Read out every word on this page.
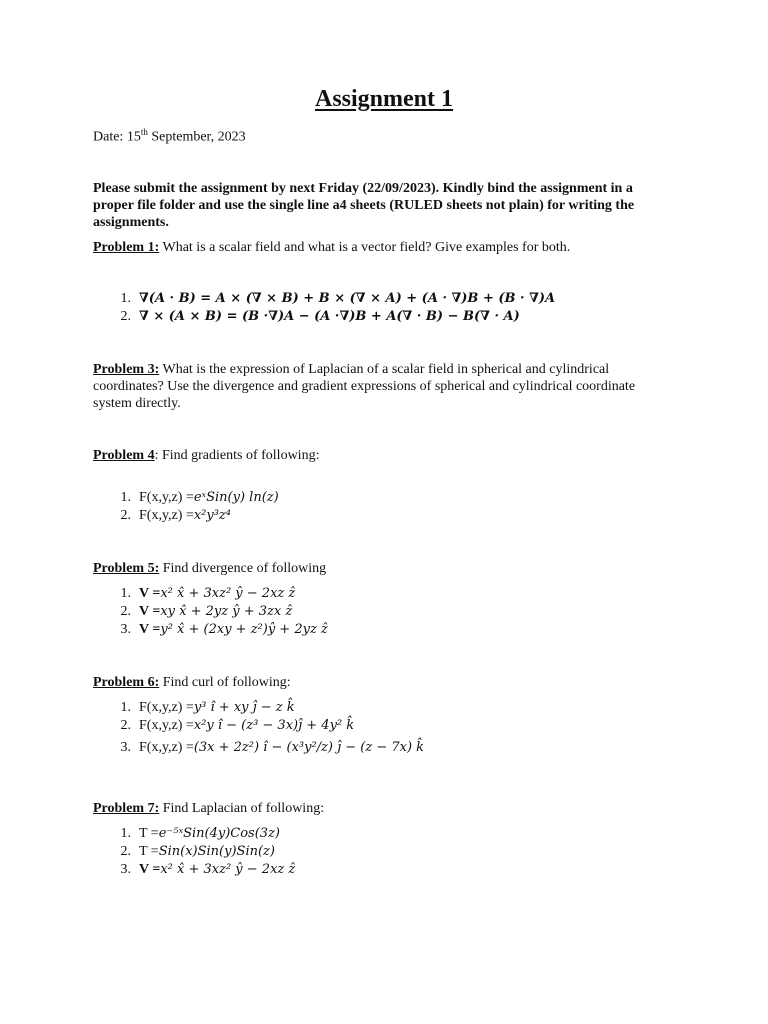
Assignment 1
Date: 15th September, 2023
Please submit the assignment by next Friday (22/09/2023). Kindly bind the assignment in a proper file folder and use the single line a4 sheets (RULED sheets not plain) for writing the assignments.
Problem 1: What is a scalar field and what is a vector field? Give examples for both.
1. ∇(𝑨 · 𝑩) = 𝑨 × (∇ × 𝑩) + 𝑩 × (∇ × 𝑨) + (𝑨 · ∇)𝑩 + (𝑩 · ∇)𝑨
2. ∇ × (𝑨 × 𝑩) = (𝑩 ·∇)𝑨 − (𝑨 ·∇)𝑩 + 𝑨(∇ · 𝑩) − 𝑩(∇ · 𝑨)
Problem 3: What is the expression of Laplacian of a scalar field in spherical and cylindrical coordinates? Use the divergence and gradient expressions of spherical and cylindrical coordinate system directly.
Problem 4: Find gradients of following:
1. F(x,y,z) = eˣSin(y) ln(z)
2. F(x,y,z) = x²y³z⁴
Problem 5: Find divergence of following
1. V = x² x̂ + 3xz² ŷ − 2xz ẑ
2. V = xy x̂ + 2yz ŷ + 3zx ẑ
3. V = y² x̂ + (2xy + z²)ŷ + 2yz ẑ
Problem 6: Find curl of following:
1. F(x,y,z) = y³ î + xy ĵ − z k̂
2. F(x,y,z) = x²y î − (z³ − 3x)ĵ + 4y² k̂
3. F(x,y,z) = (3x + 2z²) î − (x³y²/z) ĵ − (z − 7x) k̂
Problem 7: Find Laplacian of following:
1. T = e⁻⁵ˣSin(4y)Cos(3z)
2. T = Sin(x)Sin(y)Sin(z)
3. V = x² x̂ + 3xz² ŷ − 2xz ẑ
